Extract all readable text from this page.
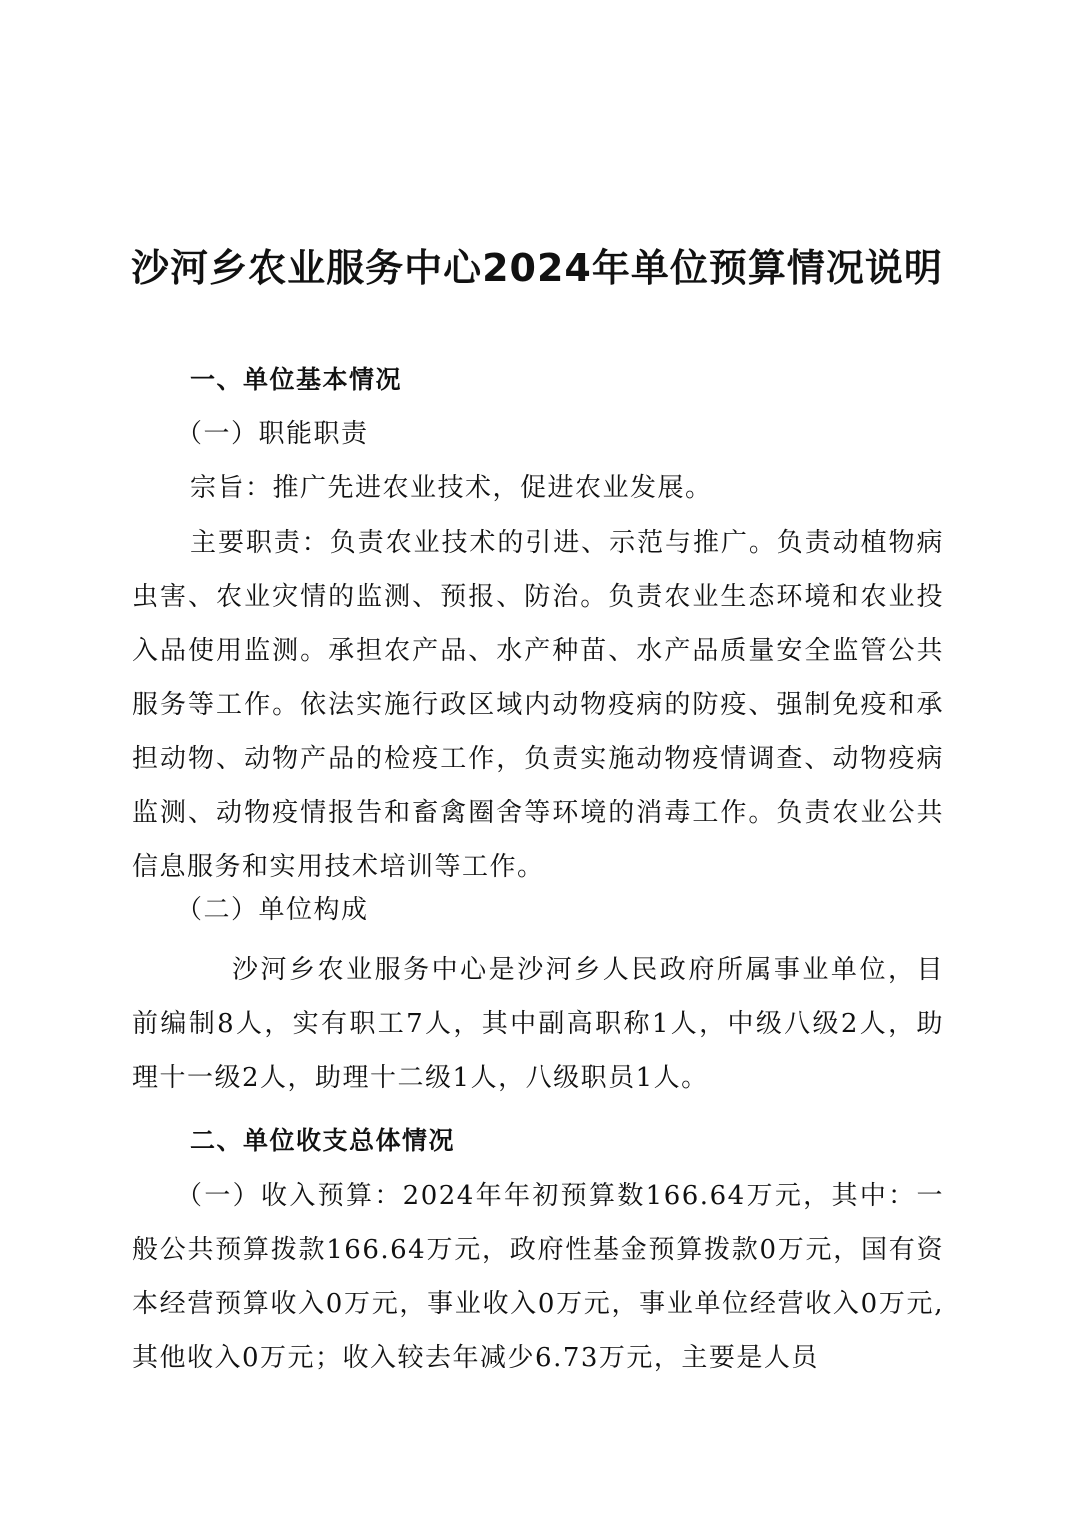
沙河乡农业服务中心2024年单位预算情况说明

一、单位基本情况

（一）职能职责

宗旨：推广先进农业技术，促进农业发展。

主要职责：负责农业技术的引进、示范与推广。负责动植物病虫害、农业灾情的监测、预报、防治。负责农业生态环境和农业投入品使用监测。承担农产品、水产种苗、水产品质量安全监管公共服务等工作。依法实施行政区域内动物疫病的防疫、强制免疫和承担动物、动物产品的检疫工作，负责实施动物疫情调查、动物疫病监测、动物疫情报告和畜禽圈舍等环境的消毒工作。负责农业公共信息服务和实用技术培训等工作。

（二）单位构成

沙河乡农业服务中心是沙河乡人民政府所属事业单位，目前编制8人，实有职工7人，其中副高职称1人，中级八级2人，助理十一级2人，助理十二级1人，八级职员1人。

二、单位收支总体情况

（一）收入预算：2024年年初预算数166.64万元，其中：一般公共预算拨款166.64万元，政府性基金预算拨款0万元，国有资本经营预算收入0万元，事业收入0万元，事业单位经营收入0万元,其他收入0万元；收入较去年减少6.73万元，主要是人员
